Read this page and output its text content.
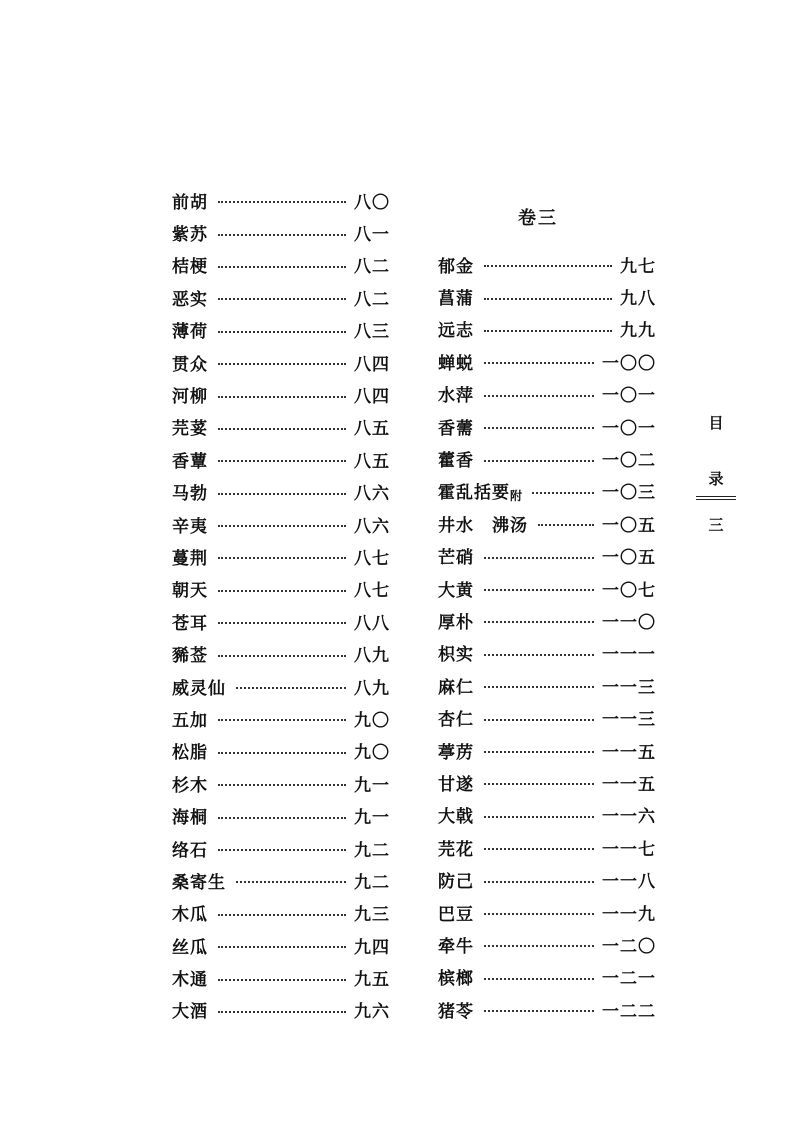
前胡	八〇
紫苏	八一
桔梗	八二
恶实	八二
薄荷	八三
贯众	八四
河柳	八四
芫荽	八五
香蕈	八五
马勃	八六
辛夷	八六
蔓荆	八七
朝天	八七
苍耳	八八
豨莶	八九
威灵仙	八九
五加	九〇
松脂	九〇
杉木	九一
海桐	九一
络石	九二
桑寄生	九二
木瓜	九三
丝瓜	九四
木通	九五
大酒	九六
卷三
郁金	九七
菖蒲	九八
远志	九九
蝉蜕	一〇〇
水萍	一〇一
香薷	一〇一
藿香	一〇二
霍乱括要$_附$	一〇三
井水　沸汤	一〇五
芒硝	一〇五
大黄	一〇七
厚朴	一一〇
枳实	一一一
麻仁	一一三
杏仁	一一三
葶苈	一一五
甘遂	一一五
大戟	一一六
芫花	一一七
防己	一一八
巴豆	一一九
牵牛	一二〇
槟榔	一二一
猪苓	一二二
目
录
三
